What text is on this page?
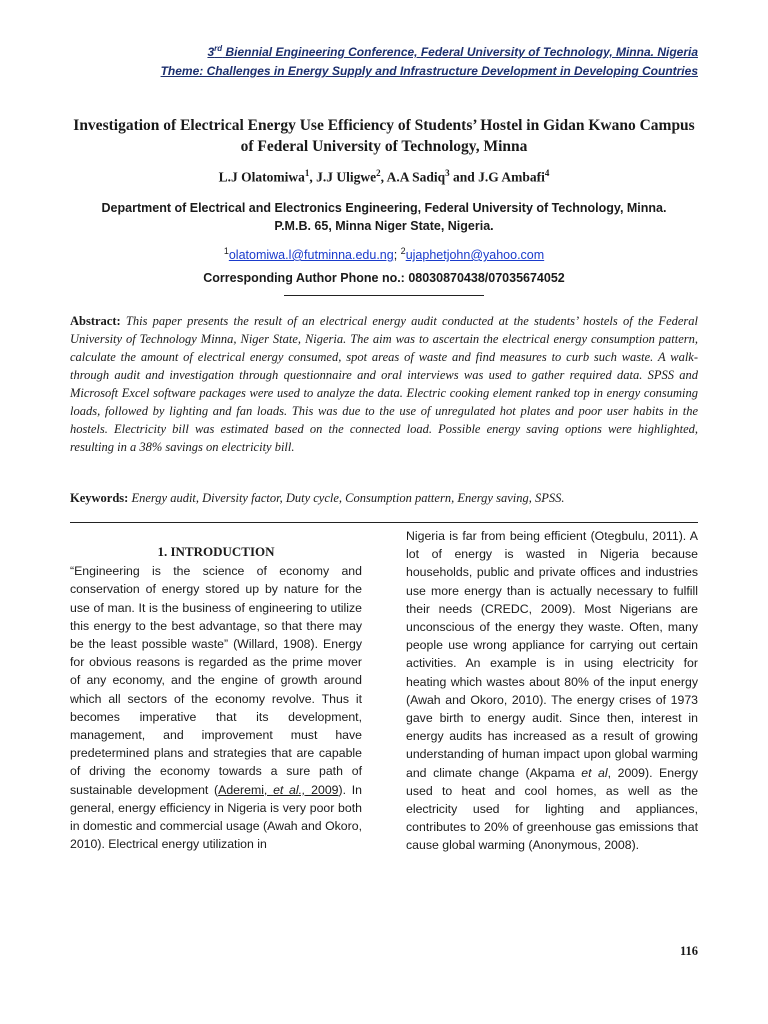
3rd Biennial Engineering Conference, Federal University of Technology, Minna. Nigeria
Theme: Challenges in Energy Supply and Infrastructure Development in Developing Countries
Investigation of Electrical Energy Use Efficiency of Students’ Hostel in Gidan Kwano Campus of Federal University of Technology, Minna
L.J Olatomiwa$^1$, J.J Uligwe$^2$, A.A Sadiq$^3$ and J.G Ambafi$^4$
Department of Electrical and Electronics Engineering, Federal University of Technology, Minna.
P.M.B. 65, Minna Niger State, Nigeria.
$^1$olatomiwa.l@futminna.edu.ng; $^2$ujaphetjohn@yahoo.com
Corresponding Author Phone no.: 08030870438/07035674052
Abstract: This paper presents the result of an electrical energy audit conducted at the students’ hostels of the Federal University of Technology Minna, Niger State, Nigeria. The aim was to ascertain the electrical energy consumption pattern, calculate the amount of electrical energy consumed, spot areas of waste and find measures to curb such waste. A walk-through audit and investigation through questionnaire and oral interviews was used to gather required data. SPSS and Microsoft Excel software packages were used to analyze the data. Electric cooking element ranked top in energy consuming loads, followed by lighting and fan loads. This was due to the use of unregulated hot plates and poor user habits in the hostels. Electricity bill was estimated based on the connected load. Possible energy saving options were highlighted, resulting in a 38% savings on electricity bill.
Keywords: Energy audit, Diversity factor, Duty cycle, Consumption pattern, Energy saving, SPSS.
1. INTRODUCTION
“Engineering is the science of economy and conservation of energy stored up by nature for the use of man. It is the business of engineering to utilize this energy to the best advantage, so that there may be the least possible waste” (Willard, 1908). Energy for obvious reasons is regarded as the prime mover of any economy, and the engine of growth around which all sectors of the economy revolve. Thus it becomes imperative that its development, management, and improvement must have predetermined plans and strategies that are capable of driving the economy towards a sure path of sustainable development (Aderemi, et al., 2009). In general, energy efficiency in Nigeria is very poor both in domestic and commercial usage (Awah and Okoro, 2010). Electrical energy utilization in
Nigeria is far from being efficient (Otegbulu, 2011). A lot of energy is wasted in Nigeria because households, public and private offices and industries use more energy than is actually necessary to fulfill their needs (CREDC, 2009). Most Nigerians are unconscious of the energy they waste. Often, many people use wrong appliance for carrying out certain activities. An example is in using electricity for heating which wastes about 80% of the input energy (Awah and Okoro, 2010). The energy crises of 1973 gave birth to energy audit. Since then, interest in energy audits has increased as a result of growing understanding of human impact upon global warming and climate change (Akpama et al, 2009). Energy used to heat and cool homes, as well as the electricity used for lighting and appliances, contributes to 20% of greenhouse gas emissions that cause global warming (Anonymous, 2008).
116
